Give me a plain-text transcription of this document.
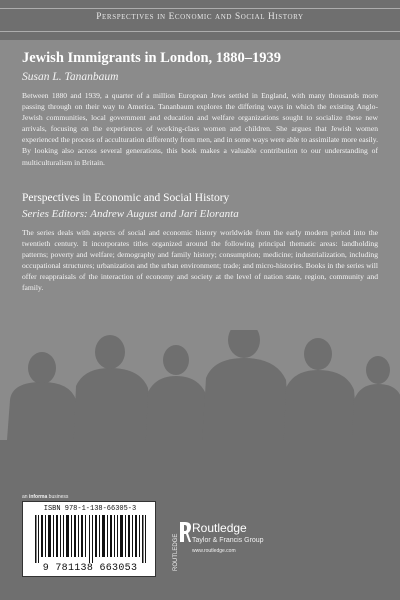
Perspectives in Economic and Social History
Jewish Immigrants in London, 1880–1939
Susan L. Tananbaum

Between 1880 and 1939, a quarter of a million European Jews settled in England, with many thousands more passing through on their way to America. Tananbaum explores the differing ways in which the existing Anglo-Jewish communities, local government and education and welfare organizations sought to socialize these new arrivals, focusing on the experiences of working-class women and children. She argues that Jewish women experienced the process of acculturation differently from men, and in some ways were able to assimilate more easily. By looking also across several generations, this book makes a valuable contribution to our understanding of multiculturalism in Britain.

Perspectives in Economic and Social History
Series Editors: Andrew August and Jari Eloranta

The series deals with aspects of social and economic history worldwide from the early modern period into the twentieth century. It incorporates titles organized around the following principal thematic areas: landholding patterns; poverty and welfare; demography and family history; consumption; medicine; industrialization, including occupational structures; urbanization and the urban environment; trade; and micro-histories. Books in the series will offer reappraisals of the interaction of economy and society at the level of nation state, region, community and family.

an informa business
ISBN 978-1-138-66305-3
9 781138 663053	ROUTLEDGE
Routledge
Taylor & Francis Group
www.routledge.com
